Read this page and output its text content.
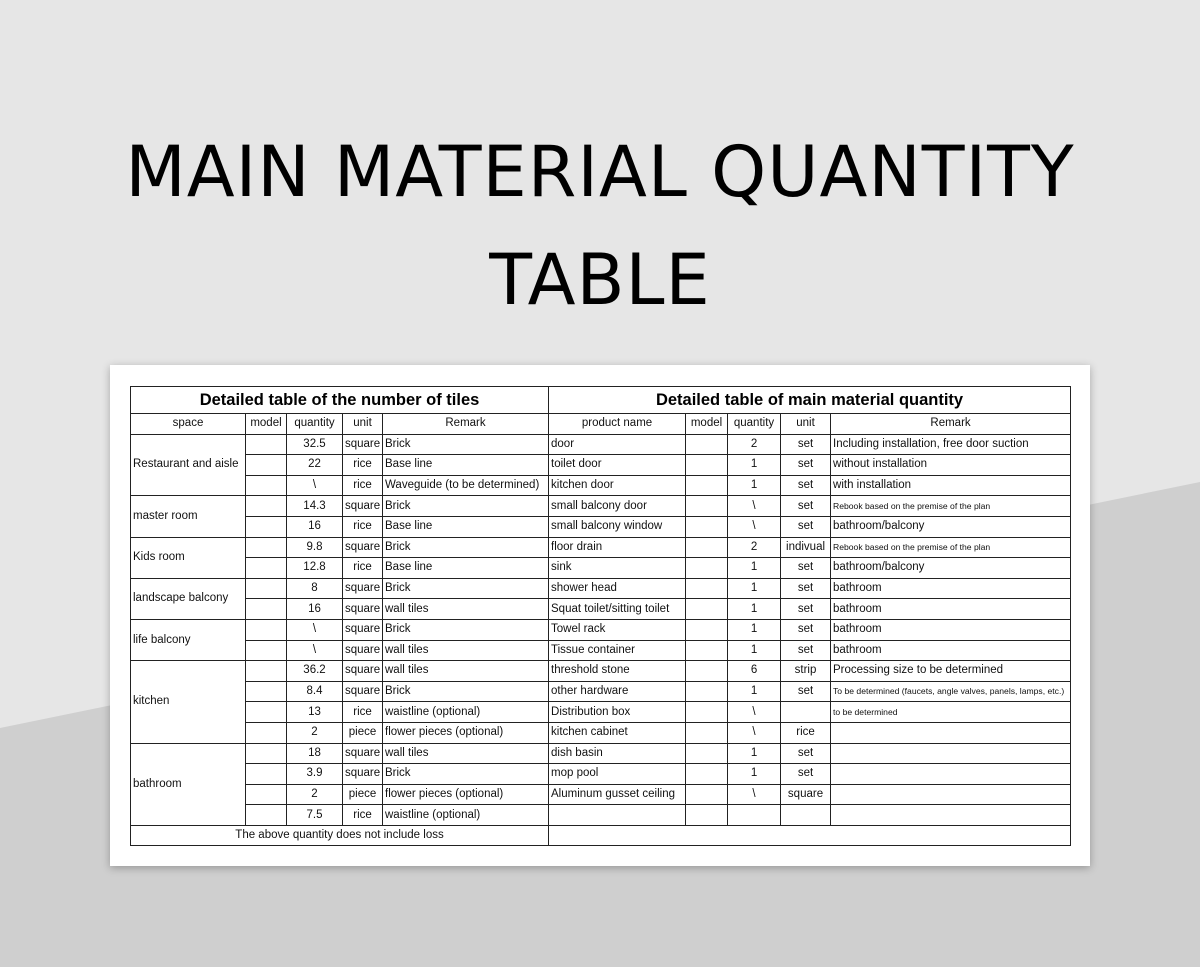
MAIN MATERIAL QUANTITY
TABLE
Detailed table of the number of tiles					Detailed table of main material quantity				
space	model	quantity	unit	Remark	product name	model	quantity	unit	Remark
Restaurant and aisle		32.5	square	Brick	door		2	set	Including installation, free door suction
		22	rice	Base line	toilet door		1	set	without installation
		\	rice	Waveguide (to be determined)	kitchen door		1	set	with installation
master room		14.3	square	Brick	small balcony door		\	set	Rebook based on the premise of the plan
		16	rice	Base line	small balcony window		\	set	bathroom/balcony
Kids room		9.8	square	Brick	floor drain		2	indivual	Rebook based on the premise of the plan
		12.8	rice	Base line	sink		1	set	bathroom/balcony
landscape balcony		8	square	Brick	shower head		1	set	bathroom
		16	square	wall tiles	Squat toilet/sitting toilet		1	set	bathroom
life balcony		\	square	Brick	Towel rack		1	set	bathroom
		\	square	wall tiles	Tissue container		1	set	bathroom
kitchen		36.2	square	wall tiles	threshold stone		6	strip	Processing size to be determined
		8.4	square	Brick	other hardware		1	set	To be determined (faucets, angle valves, panels, lamps, etc.)
		13	rice	waistline (optional)	Distribution box		\		to be determined
		2	piece	flower pieces (optional)	kitchen cabinet		\	rice	
bathroom		18	square	wall tiles	dish basin		1	set	
		3.9	square	Brick	mop pool		1	set	
		2	piece	flower pieces (optional)	Aluminum gusset ceiling		\	square	
		7.5	rice	waistline (optional)					
The above quantity does not include loss									
